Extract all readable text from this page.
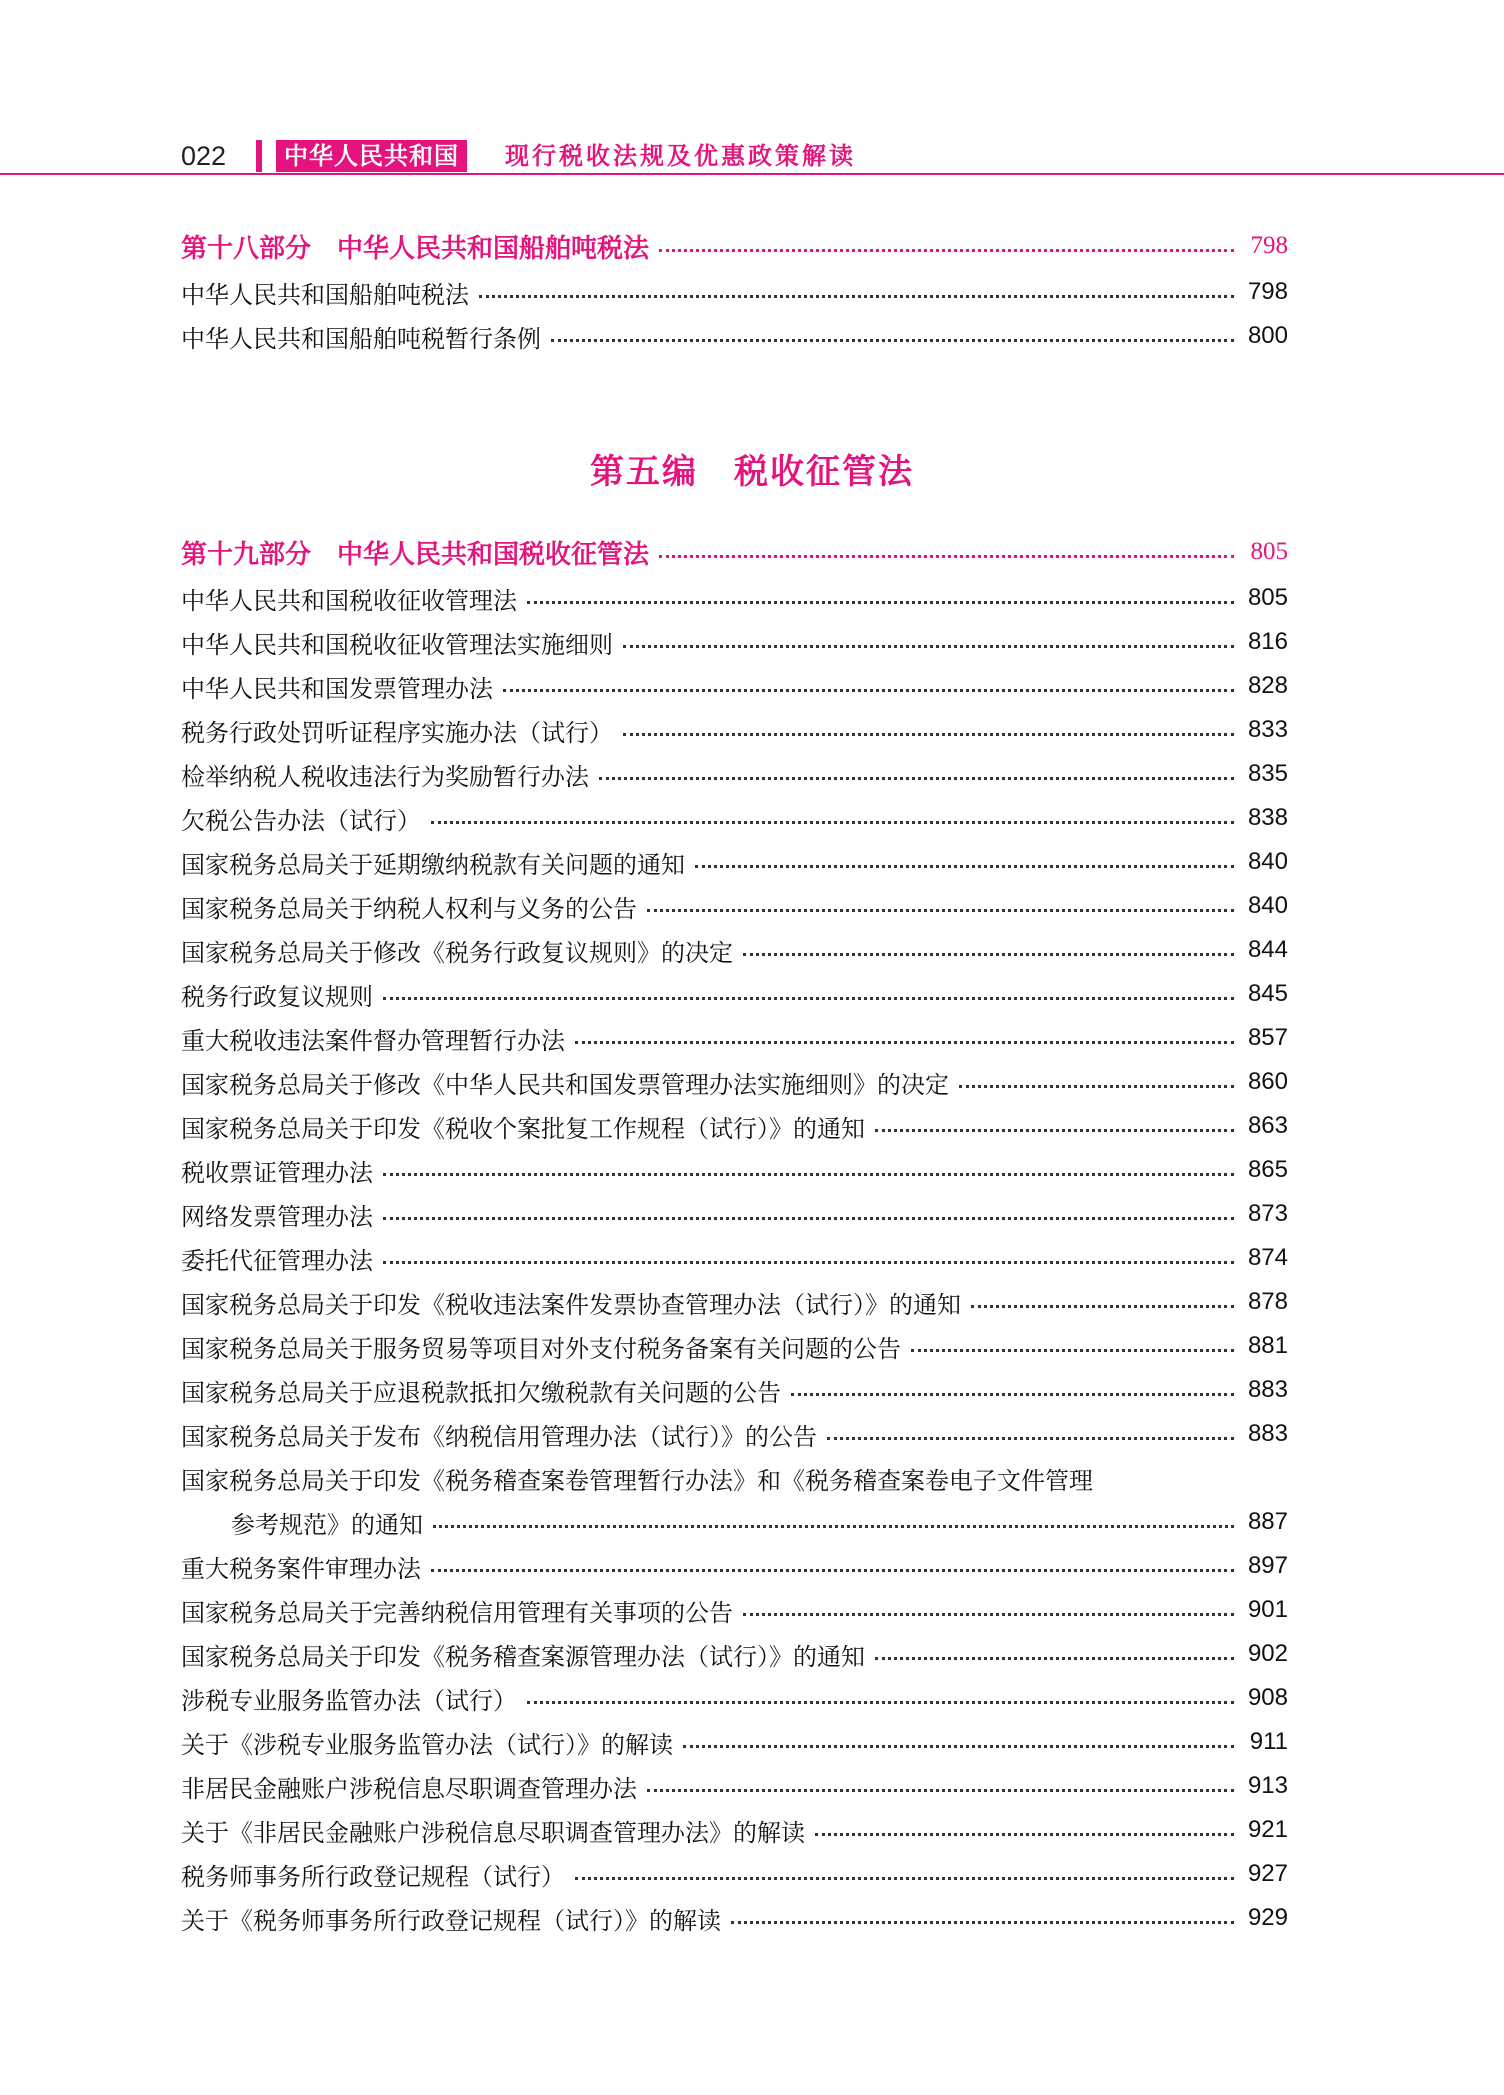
022	中华人民共和国	现行税收法规及优惠政策解读
第十八部分　中华人民共和国船舶吨税法	798
中华人民共和国船舶吨税法	798
中华人民共和国船舶吨税暂行条例	800
第五编　税收征管法
第十九部分　中华人民共和国税收征管法	805
中华人民共和国税收征收管理法	805
中华人民共和国税收征收管理法实施细则	816
中华人民共和国发票管理办法	828
税务行政处罚听证程序实施办法（试行）	833
检举纳税人税收违法行为奖励暂行办法	835
欠税公告办法（试行）	838
国家税务总局关于延期缴纳税款有关问题的通知	840
国家税务总局关于纳税人权利与义务的公告	840
国家税务总局关于修改《税务行政复议规则》的决定	844
税务行政复议规则	845
重大税收违法案件督办管理暂行办法	857
国家税务总局关于修改《中华人民共和国发票管理办法实施细则》的决定	860
国家税务总局关于印发《税收个案批复工作规程（试行）》的通知	863
税收票证管理办法	865
网络发票管理办法	873
委托代征管理办法	874
国家税务总局关于印发《税收违法案件发票协查管理办法（试行）》的通知	878
国家税务总局关于服务贸易等项目对外支付税务备案有关问题的公告	881
国家税务总局关于应退税款抵扣欠缴税款有关问题的公告	883
国家税务总局关于发布《纳税信用管理办法（试行）》的公告	883
国家税务总局关于印发《税务稽查案卷管理暂行办法》和《税务稽查案卷电子文件管理
参考规范》的通知	887
重大税务案件审理办法	897
国家税务总局关于完善纳税信用管理有关事项的公告	901
国家税务总局关于印发《税务稽查案源管理办法（试行）》的通知	902
涉税专业服务监管办法（试行）	908
关于《涉税专业服务监管办法（试行）》的解读	911
非居民金融账户涉税信息尽职调查管理办法	913
关于《非居民金融账户涉税信息尽职调查管理办法》的解读	921
税务师事务所行政登记规程（试行）	927
关于《税务师事务所行政登记规程（试行）》的解读	929
